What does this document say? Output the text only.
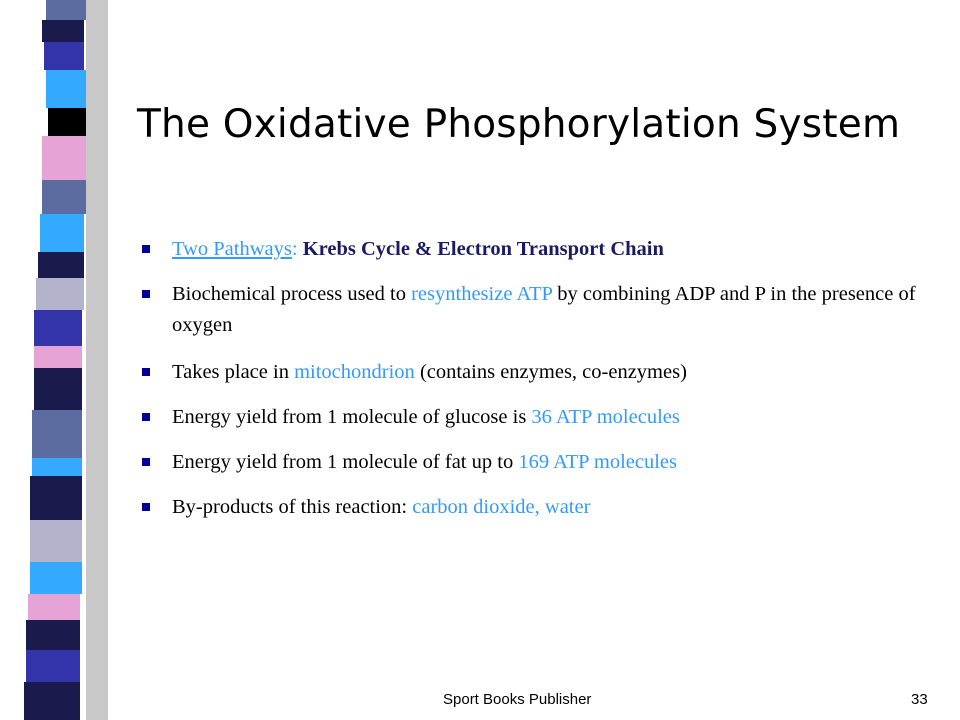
The Oxidative Phosphorylation System
Two Pathways: Krebs Cycle & Electron Transport Chain
Biochemical process used to resynthesize ATP by combining ADP and P in the presence of oxygen
Takes place in mitochondrion (contains enzymes, co-enzymes)
Energy yield from 1 molecule of glucose is 36 ATP molecules
Energy yield from 1 molecule of fat up to 169 ATP molecules
By-products of this reaction: carbon dioxide, water
Sport Books Publisher	33
